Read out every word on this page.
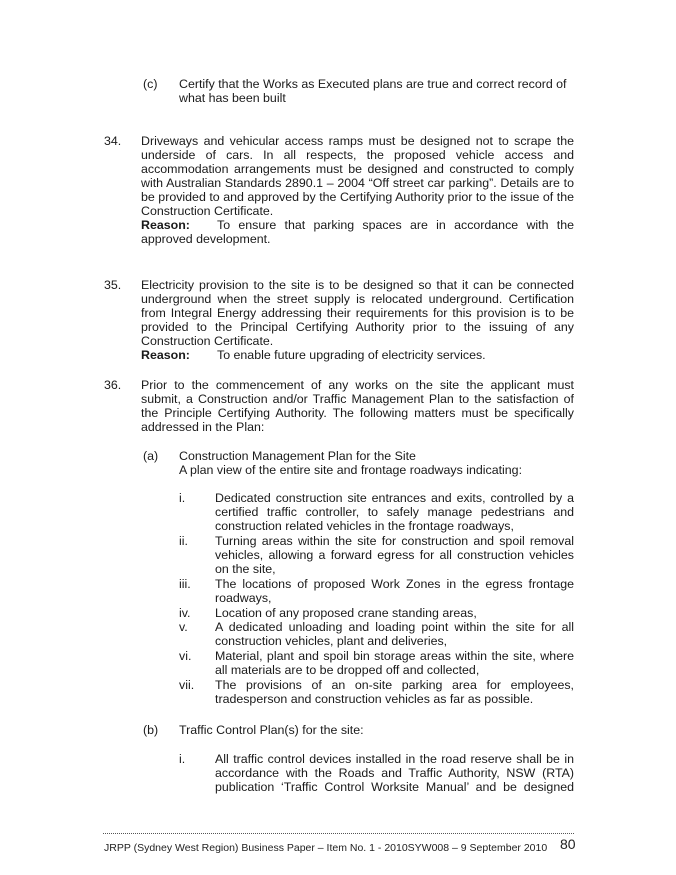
(c) Certify that the Works as Executed plans are true and correct record of what has been built
34. Driveways and vehicular access ramps must be designed not to scrape the underside of cars. In all respects, the proposed vehicle access and accommodation arrangements must be designed and constructed to comply with Australian Standards 2890.1 – 2004 “Off street car parking”. Details are to be provided to and approved by the Certifying Authority prior to the issue of the Construction Certificate.
Reason:	To ensure that parking spaces are in accordance with the approved development.
35. Electricity provision to the site is to be designed so that it can be connected underground when the street supply is relocated underground. Certification from Integral Energy addressing their requirements for this provision is to be provided to the Principal Certifying Authority prior to the issuing of any Construction Certificate.
Reason: To enable future upgrading of electricity services.
36. Prior to the commencement of any works on the site the applicant must submit, a Construction and/or Traffic Management Plan to the satisfaction of the Principle Certifying Authority. The following matters must be specifically addressed in the Plan:
(a) Construction Management Plan for the Site
A plan view of the entire site and frontage roadways indicating:
i. Dedicated construction site entrances and exits, controlled by a certified traffic controller, to safely manage pedestrians and construction related vehicles in the frontage roadways,
ii. Turning areas within the site for construction and spoil removal vehicles, allowing a forward egress for all construction vehicles on the site,
iii. The locations of proposed Work Zones in the egress frontage roadways,
iv. Location of any proposed crane standing areas,
v. A dedicated unloading and loading point within the site for all construction vehicles, plant and deliveries,
vi. Material, plant and spoil bin storage areas within the site, where all materials are to be dropped off and collected,
vii. The provisions of an on-site parking area for employees, tradesperson and construction vehicles as far as possible.
(b) Traffic Control Plan(s) for the site:
i. All traffic control devices installed in the road reserve shall be in accordance with the Roads and Traffic Authority, NSW (RTA) publication ‘Traffic Control Worksite Manual’ and be designed
JRPP (Sydney West Region) Business Paper – Item No. 1 - 2010SYW008 – 9 September 2010 80
